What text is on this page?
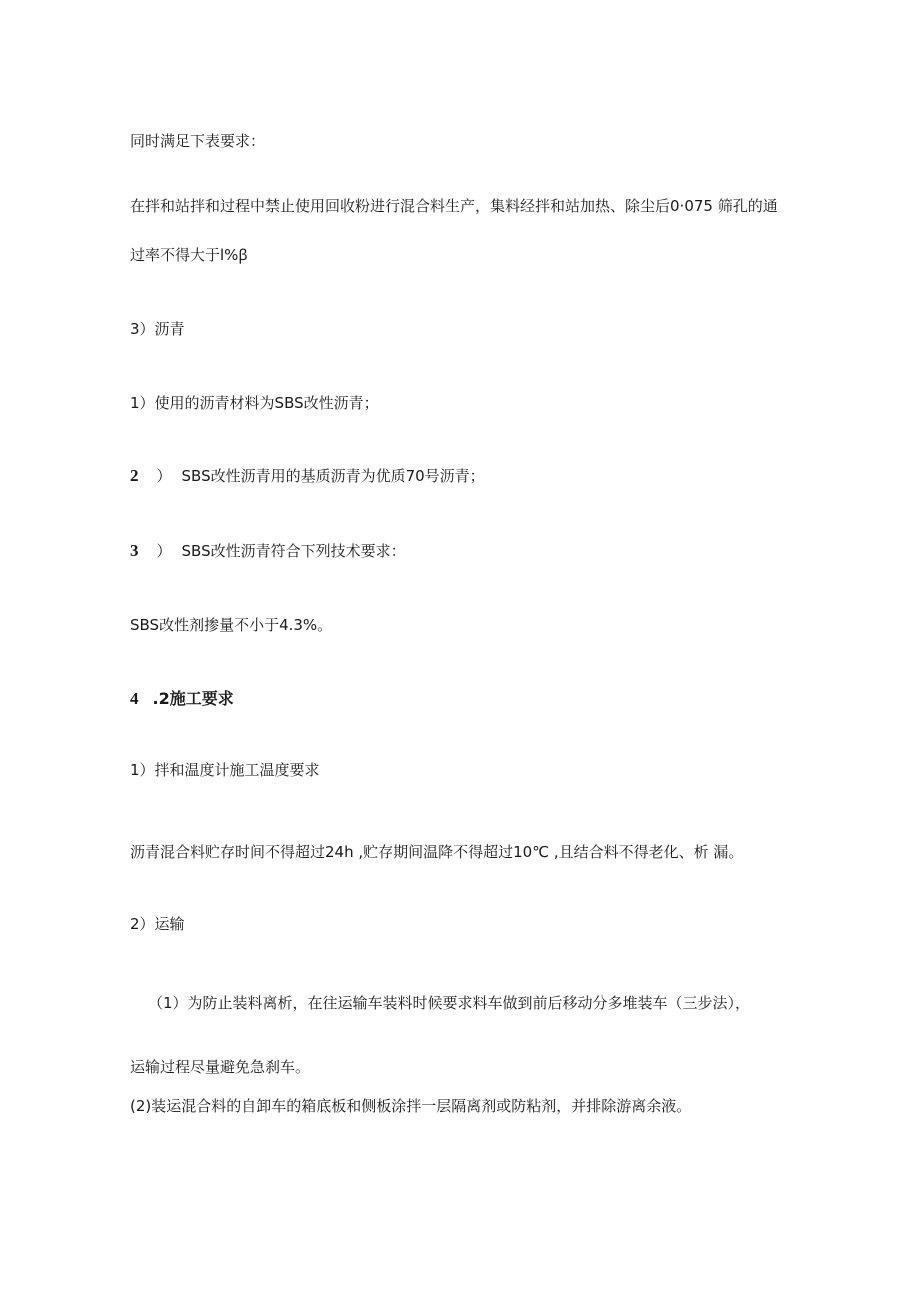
同时满足下表要求：
在拌和站拌和过程中禁止使用回收粉进行混合料生产，集料经拌和站加热、除尘后0·075 筛孔的通
过率不得大于l%ꞵ
3）沥青
1）使用的沥青材料为SBS改性沥青；
2 ） SBS改性沥青用的基质沥青为优质70号沥青；
3 ） SBS改性沥青符合下列技术要求：
SBS改性剂掺量不小于4.3%。
4 .2施工要求
1）拌和温度计施工温度要求
沥青混合料贮存时间不得超过24h ,贮存期间温降不得超过10℃ ,且结合料不得老化、析 漏。
2）运输
（1）为防止装料离析，在往运输车装料时候要求料车做到前后移动分多堆装车（三步法），
运输过程尽量避免急刹车。
(2)装运混合料的自卸车的箱底板和侧板涂拌一层隔离剂或防粘剂，并排除游离余液。
